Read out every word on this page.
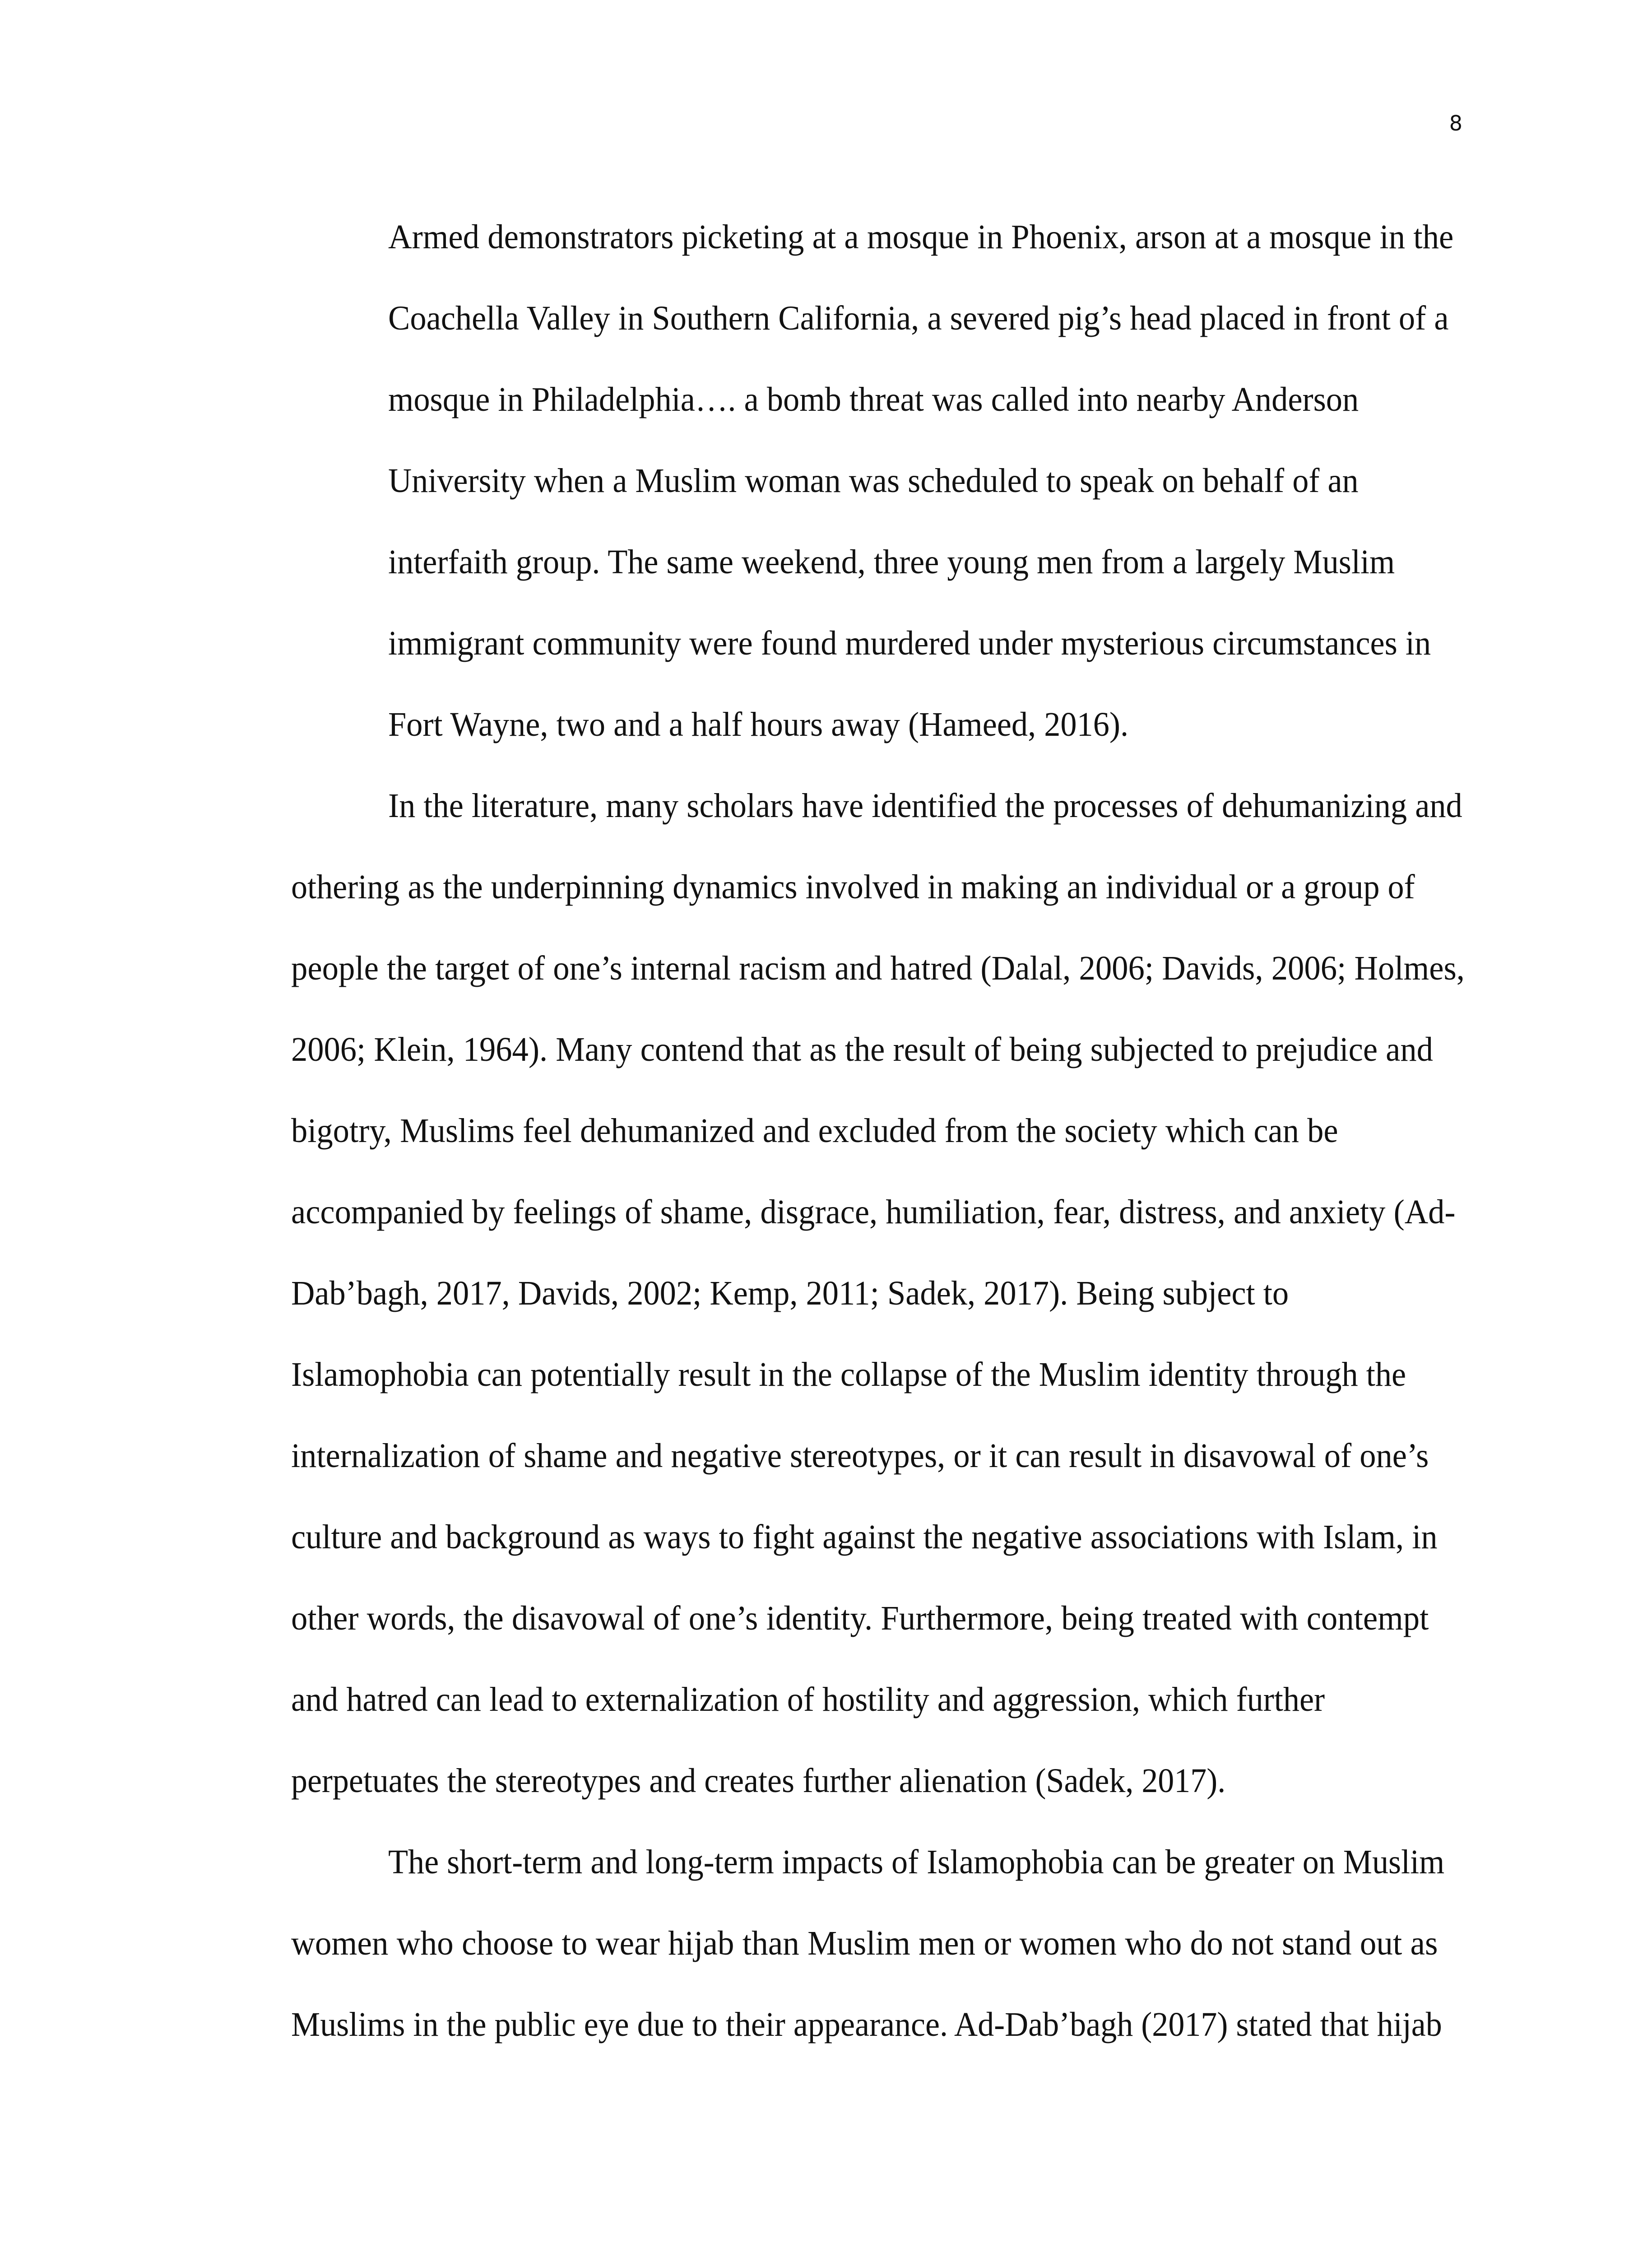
8

Armed demonstrators picketing at a mosque in Phoenix, arson at a mosque in the

Coachella Valley in Southern California, a severed pig’s head placed in front of a

mosque in Philadelphia…. a bomb threat was called into nearby Anderson

University when a Muslim woman was scheduled to speak on behalf of an

interfaith group. The same weekend, three young men from a largely Muslim

immigrant community were found murdered under mysterious circumstances in

Fort Wayne, two and a half hours away (Hameed, 2016).

In the literature, many scholars have identified the processes of dehumanizing and

othering as the underpinning dynamics involved in making an individual or a group of

people the target of one’s internal racism and hatred (Dalal, 2006; Davids, 2006; Holmes,

2006; Klein, 1964). Many contend that as the result of being subjected to prejudice and

bigotry, Muslims feel dehumanized and excluded from the society which can be

accompanied by feelings of shame, disgrace, humiliation, fear, distress, and anxiety (Ad-

Dab’bagh, 2017, Davids, 2002; Kemp, 2011; Sadek, 2017). Being subject to

Islamophobia can potentially result in the collapse of the Muslim identity through the

internalization of shame and negative stereotypes, or it can result in disavowal of one’s

culture and background as ways to fight against the negative associations with Islam, in

other words, the disavowal of one’s identity. Furthermore, being treated with contempt

and hatred can lead to externalization of hostility and aggression, which further

perpetuates the stereotypes and creates further alienation (Sadek, 2017).

The short-term and long-term impacts of Islamophobia can be greater on Muslim

women who choose to wear hijab than Muslim men or women who do not stand out as

Muslims in the public eye due to their appearance. Ad-Dab’bagh (2017) stated that hijab
